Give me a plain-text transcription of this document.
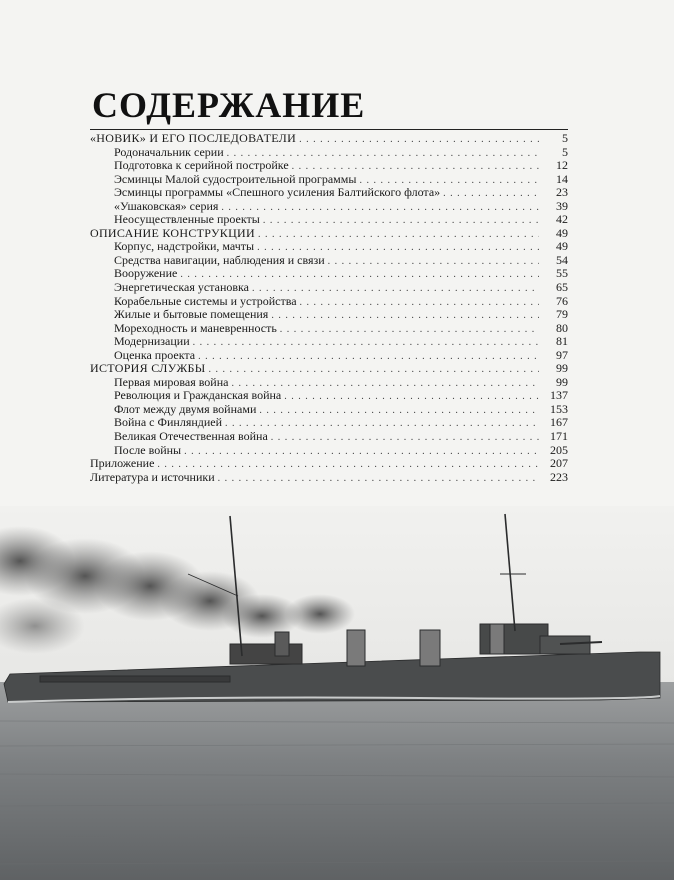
СОДЕРЖАНИЕ
«НОВИК» И ЕГО ПОСЛЕДОВАТЕЛИ . . .	5
Родоначальник серии . . .	5
Подготовка к серийной постройке . . .	12
Эсминцы Малой судостроительной программы . . .	14
Эсминцы программы «Спешного усиления Балтийского флота» . . .	23
«Ушаковская» серия . . .	39
Неосуществленные проекты . . .	42
ОПИСАНИЕ КОНСТРУКЦИИ . . .	49
Корпус, надстройки, мачты . . .	49
Средства навигации, наблюдения и связи . . .	54
Вооружение . . .	55
Энергетическая установка . . .	65
Корабельные системы и устройства . . .	76
Жилые и бытовые помещения . . .	79
Мореходность и маневренность . . .	80
Модернизации . . .	81
Оценка проекта . . .	97
ИСТОРИЯ СЛУЖБЫ . . .	99
Первая мировая война . . .	99
Революция и Гражданская война . . .	137
Флот между двумя войнами . . .	153
Война с Финляндией . . .	167
Великая Отечественная война . . .	171
После войны . . .	205
Приложение . . .	207
Литература и источники . . .	223
